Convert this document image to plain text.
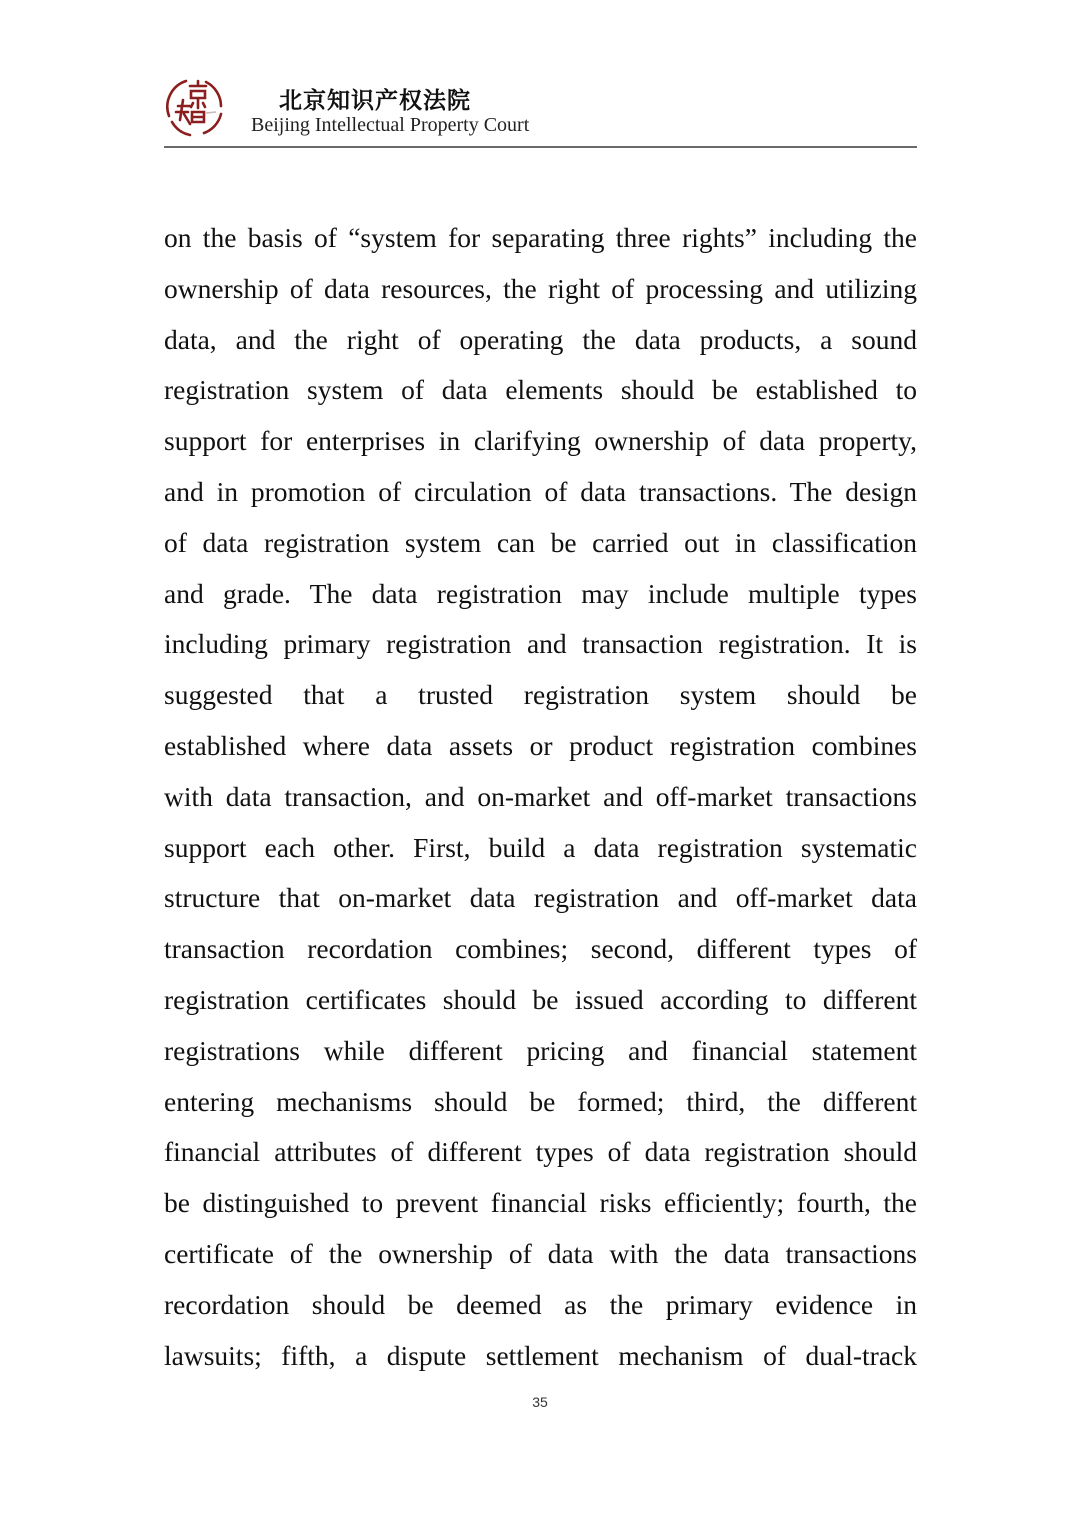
北京知识产权法院
Beijing Intellectual Property Court
on the basis of “system for separating three rights” including the
ownership of data resources, the right of processing and utilizing
data, and the right of operating the data products, a sound
registration system of data elements should be established to
support for enterprises in clarifying ownership of data property,
and in promotion of circulation of data transactions. The design
of data registration system can be carried out in classification
and grade. The data registration may include multiple types
including primary registration and transaction registration. It is
suggested that a trusted registration system should be
established where data assets or product registration combines
with data transaction, and on-market and off-market transactions
support each other. First, build a data registration systematic
structure that on-market data registration and off-market data
transaction recordation combines; second, different types of
registration certificates should be issued according to different
registrations while different pricing and financial statement
entering mechanisms should be formed; third, the different
financial attributes of different types of data registration should
be distinguished to prevent financial risks efficiently; fourth, the
certificate of the ownership of data with the data transactions
recordation should be deemed as the primary evidence in
lawsuits; fifth, a dispute settlement mechanism of dual-track
35
